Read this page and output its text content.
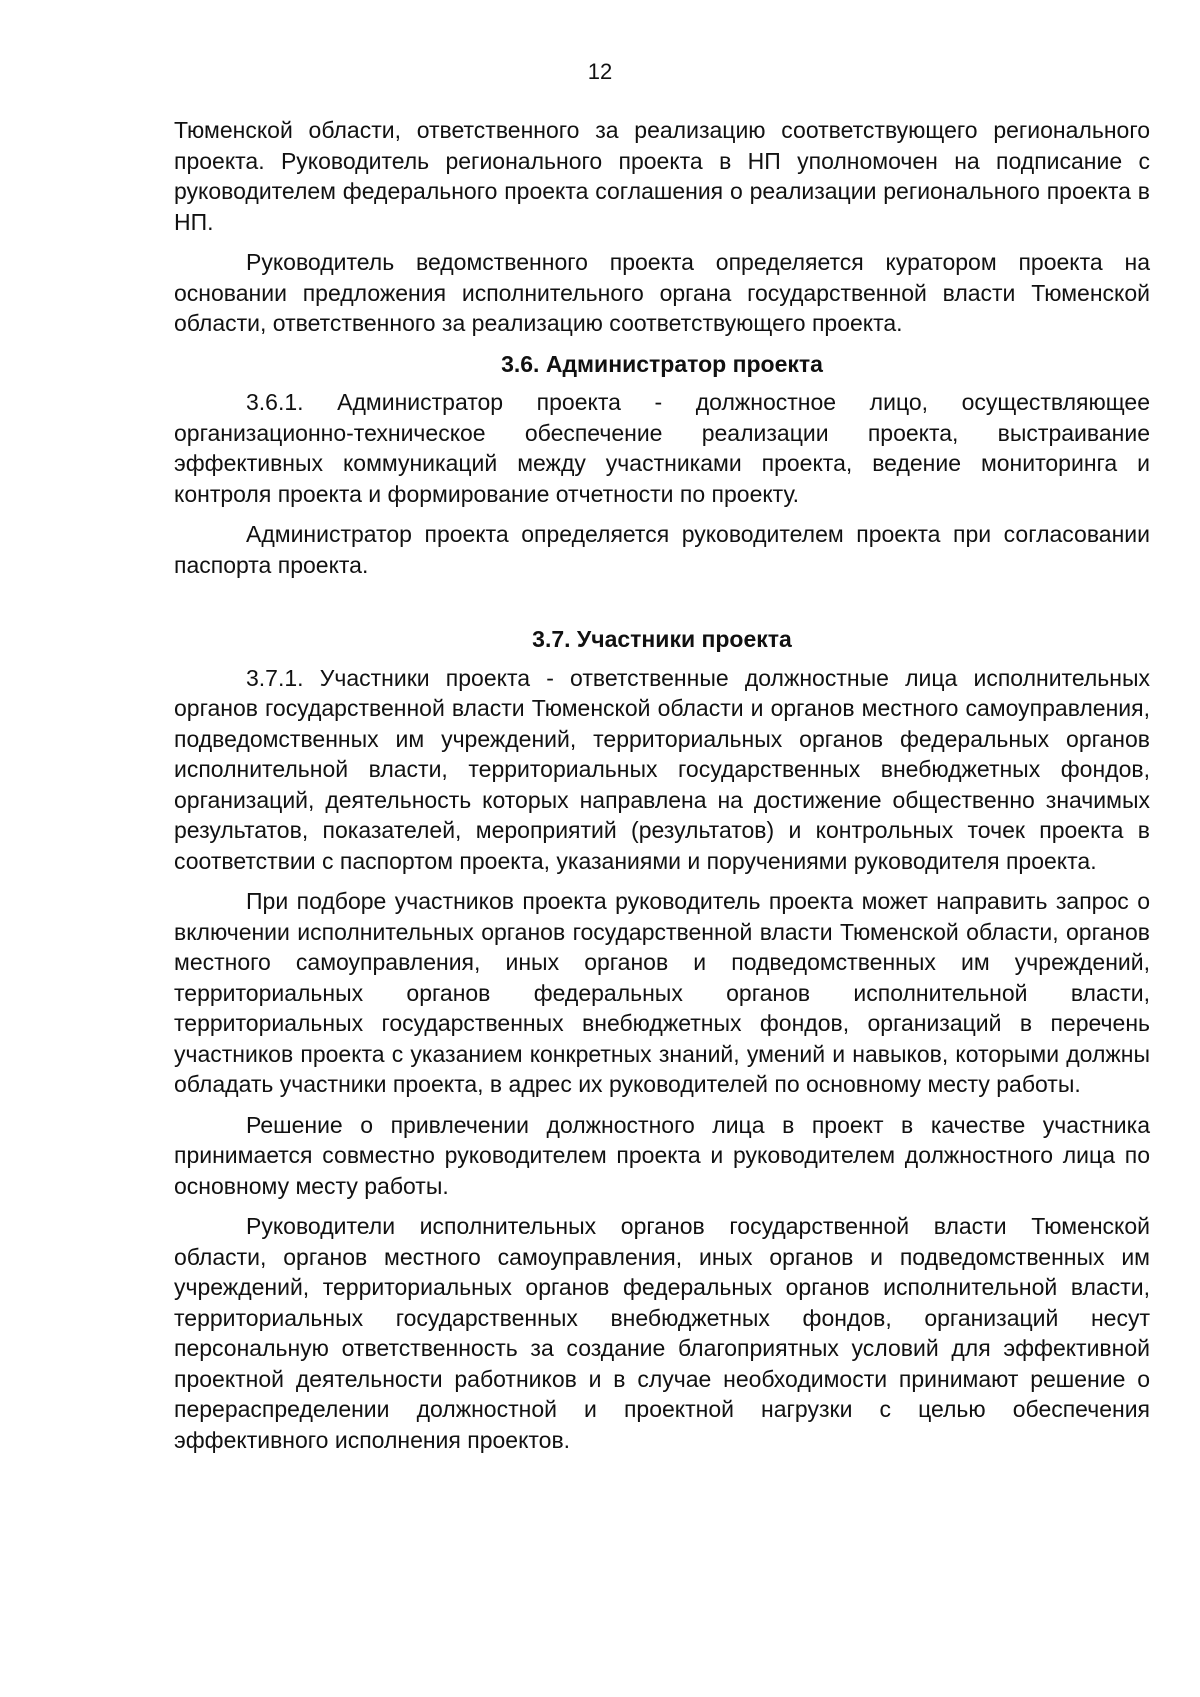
12

Тюменской области, ответственного за реализацию соответствующего регионального проекта. Руководитель регионального проекта в НП уполномочен на подписание с руководителем федерального проекта соглашения о реализации регионального проекта в НП.

Руководитель ведомственного проекта определяется куратором проекта на основании предложения исполнительного органа государственной власти Тюменской области, ответственного за реализацию соответствующего проекта.

3.6. Администратор проекта

3.6.1. Администратор проекта - должностное лицо, осуществляющее организационно-техническое обеспечение реализации проекта, выстраивание эффективных коммуникаций между участниками проекта, ведение мониторинга и контроля проекта и формирование отчетности по проекту.

Администратор проекта определяется руководителем проекта при согласовании паспорта проекта.

3.7. Участники проекта

3.7.1. Участники проекта - ответственные должностные лица исполнительных органов государственной власти Тюменской области и органов местного самоуправления, подведомственных им учреждений, территориальных органов федеральных органов исполнительной власти, территориальных государственных внебюджетных фондов, организаций, деятельность которых направлена на достижение общественно значимых результатов, показателей, мероприятий (результатов) и контрольных точек проекта в соответствии с паспортом проекта, указаниями и поручениями руководителя проекта.

При подборе участников проекта руководитель проекта может направить запрос о включении исполнительных органов государственной власти Тюменской области, органов местного самоуправления, иных органов и подведомственных им учреждений, территориальных органов федеральных органов исполнительной власти, территориальных государственных внебюджетных фондов, организаций в перечень участников проекта с указанием конкретных знаний, умений и навыков, которыми должны обладать участники проекта, в адрес их руководителей по основному месту работы.

Решение о привлечении должностного лица в проект в качестве участника принимается совместно руководителем проекта и руководителем должностного лица по основному месту работы.

Руководители исполнительных органов государственной власти Тюменской области, органов местного самоуправления, иных органов и подведомственных им учреждений, территориальных органов федеральных органов исполнительной власти, территориальных государственных внебюджетных фондов, организаций несут персональную ответственность за создание благоприятных условий для эффективной проектной деятельности работников и в случае необходимости принимают решение о перераспределении должностной и проектной нагрузки с целью обеспечения эффективного исполнения проектов.
